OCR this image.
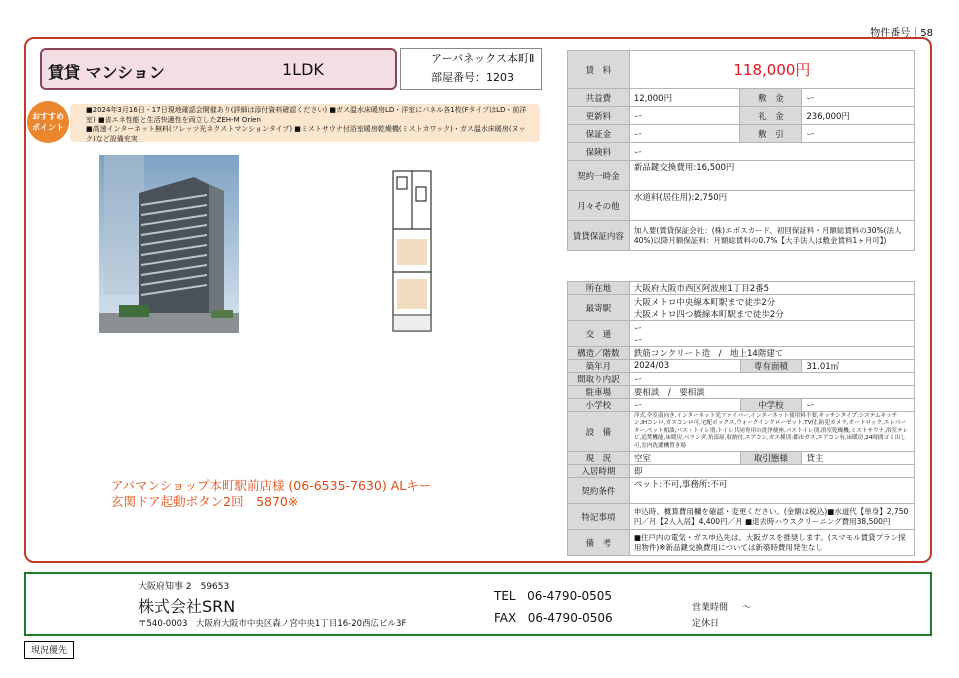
物件番号｜58
賃貸 マンション	1LDK
アーバネックス本町Ⅱ
部屋番号：1203
おすすめ
ポイント
■2024年3月16日・17日現地確認会開催あり(詳細は添付資料確認ください) ■ガス温水床暖房LD・洋室にパネル各1枚(FタイプはLD・前洋室) ■省エネ性能と生活快適性を両立したZEH-M Orien
■高速インターネット無料(フレッツ光ネクストマンションタイプ) ■ミストサウナ付浴室暖房乾燥機(ミストカワック)・ガス温水床暖房(ヌック)など設備充実
アパマンショップ本町駅前店様 (06-6535-7630) ALキー
玄関ドア起動ボタン2回　5870※
賃　料	118,000円		
共益費	12,000円	敷　金	ー
更新料	ー	礼　金	236,000円
保証金	ー	敷　引	ー
保険料	ー		
契約一時金	新品鍵交換費用:16,500円		
月々その他	水道料(居住用):2,750円		
賃貸保証内容	加入要(賃貸保証会社：(株)エポスカード、初回保証料・月額総賃料の30%(法人40%)以降月额保証料：月額総賃料の0.7%【大手法人は敷金賃料1ヶ月可】)		
所在地	大阪府大阪市西区阿波座1丁目2番5		
最寄駅	大阪メトロ中央線本町駅まで徒歩2分
大阪メトロ四つ橋線本町駅まで徒歩2分		

交　通	ー
ー		

構造／階数	鉄筋コンクリート造　/　地上14階建て		
築年月	2024/03	専有面積	31.01㎡
間取り内訳	ー		
駐車場	要相談　/　要相談		
小学校	ー	中学校	ー
設　備	洋式,全室南向き,インターネット光ファイバー,インターネット使用料不要,キッチンタイプ:システムキッチン,IHコンロ,ガスコンロ可,宅配ボックス,ウォークインクローゼット,TV付,防犯カメラ,オートロック,エレベーター,ペット相談,バス・トイレ別,トイレ共同専用の洗浄便座,バストイレ別,浴室乾燥機,ミストサウナ,浴室テレビ,追焚機能,床暖房,ベランダ,角部屋,収納付,エアコン,ガス種別:都市ガス,エアコン有,床暖房,24時間ゴミ出し可,室内洗濯機置き場		
現　況	空室	取引態様	貸主
入居時期	即		
契約条件	ペット:不可,事務所:不可		
特記事項	申込時、概算費用欄を確認・変更ください。(金額は税込)■水道代【単身】2,750円／月【2人入居】4,400円／月 ■退去時ハウスクリーニング費用38,500円		
備　考	■住戸内の電気・ガス申込先は、大阪ガスを推奨します。(スマモル賃貸プラン採用物件)※新品鍵交換費用については新築時費用発生なし		
大阪府知事 2　59653
株式会社SRN
〒540-0003　大阪府大阪市中央区森ノ宮中央1丁目16-20西広ビル3F
TEL 06-4790-0505
FAX 06-4790-0506
営業時間 〜
定休日
現況優先
